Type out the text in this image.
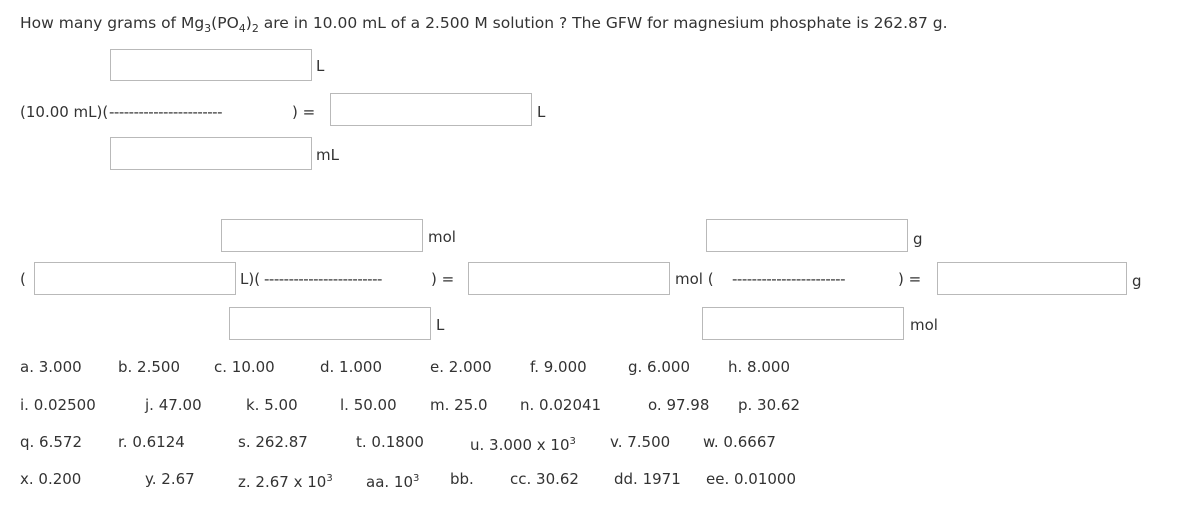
How many grams of $Mg_3(PO_4)_2$ are in 10.00 mL of a 2.500 M solution ? The GFW for magnesium phosphate is 262.87 g.
L
(10.00 mL)( -----------------------	) =	L
mL
mol	g
(	L)( ------------------------	) =	mol ( -----------------------	) =	g
L	mol
a. 3.000 b. 2.500 c. 10.00	d. 1.000	e. 2.000	f. 9.000	g. 6.000	h. 8.000
i. 0.02500	j. 47.00	k. 5.00	l. 50.00 m. 25.0 n. 0.02041	o. 97.98 p. 30.62
q. 6.572 r. 0.6124	s. 262.87	t. 0.1800	u. 3.000 x $10^3$ v. 7.500 w. 0.6667
x. 0.200	y. 2.67	z. 2.67 x $10^3$ aa. $10^3$ bb. cc. 30.62 dd. 1971 ee. 0.01000
